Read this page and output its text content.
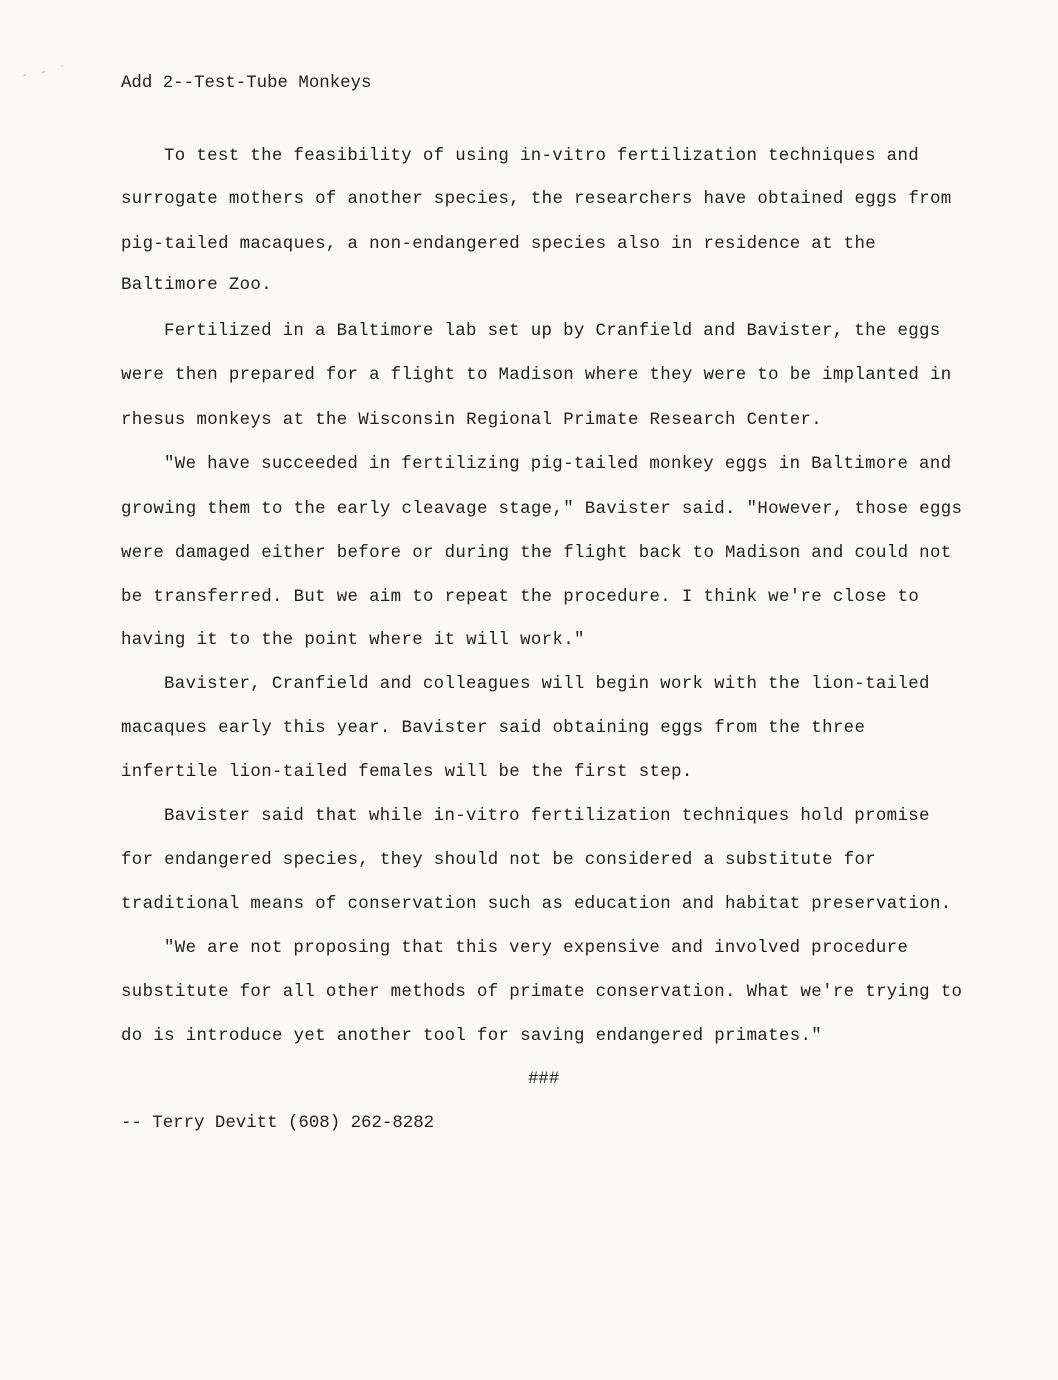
⁃ ⁃ ˉ
Add 2--Test-Tube Monkeys
To test the feasibility of using in-vitro fertilization techniques and
surrogate mothers of another species, the researchers have obtained eggs from
pig-tailed macaques, a non-endangered species also in residence at the
Baltimore Zoo.
Fertilized in a Baltimore lab set up by Cranfield and Bavister, the eggs
were then prepared for a flight to Madison where they were to be implanted in
rhesus monkeys at the Wisconsin Regional Primate Research Center.
"We have succeeded in fertilizing pig-tailed monkey eggs in Baltimore and
growing them to the early cleavage stage," Bavister said. "However, those eggs
were damaged either before or during the flight back to Madison and could not
be transferred. But we aim to repeat the procedure. I think we're close to
having it to the point where it will work."
Bavister, Cranfield and colleagues will begin work with the lion-tailed
macaques early this year. Bavister said obtaining eggs from the three
infertile lion-tailed females will be the first step.
Bavister said that while in-vitro fertilization techniques hold promise
for endangered species, they should not be considered a substitute for
traditional means of conservation such as education and habitat preservation.
"We are not proposing that this very expensive and involved procedure
substitute for all other methods of primate conservation. What we're trying to
do is introduce yet another tool for saving endangered primates."
###
-- Terry Devitt (608) 262-8282
